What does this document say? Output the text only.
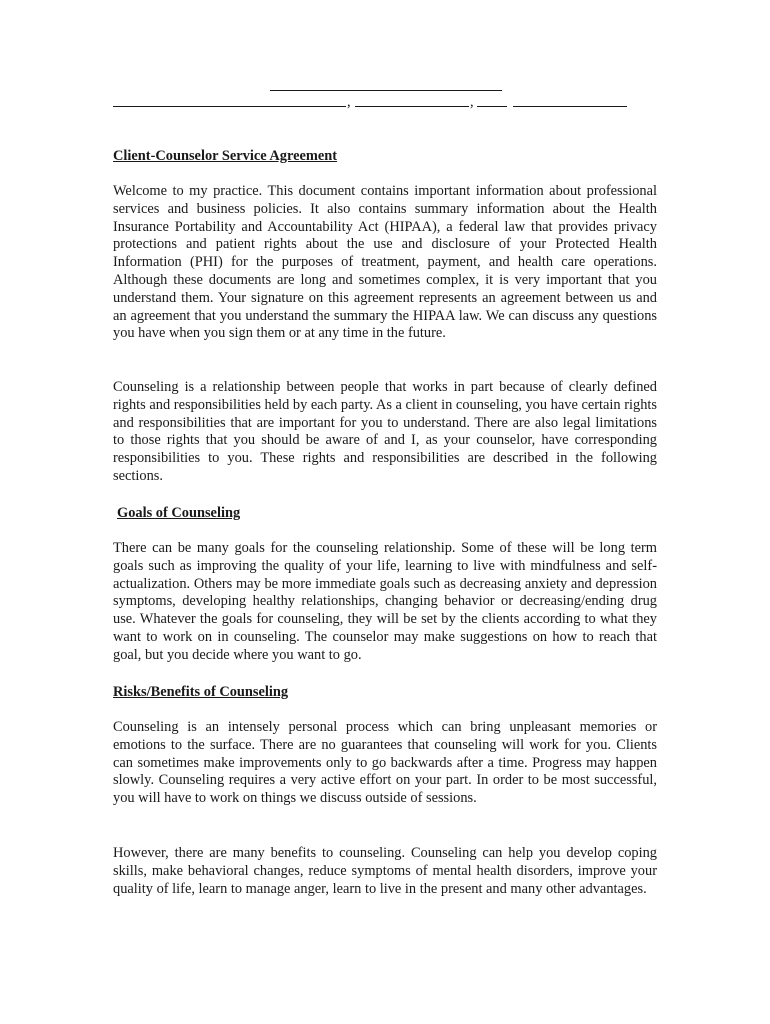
,	,
Client-Counselor Service Agreement

Welcome to my practice. This document contains important information about professional services and business policies. It also contains summary information about the Health Insurance Portability and Accountability Act (HIPAA), a federal law that provides privacy protections and patient rights about the use and disclosure of your Protected Health Information (PHI) for the purposes of treatment, payment, and health care operations. Although these documents are long and sometimes complex, it is very important that you understand them. Your signature on this agreement represents an agreement between us and an agreement that you understand the summary the HIPAA law. We can discuss any questions you have when you sign them or at any time in the future.

Counseling is a relationship between people that works in part because of clearly defined rights and responsibilities held by each party. As a client in counseling, you have certain rights and responsibilities that are important for you to understand. There are also legal limitations to those rights that you should be aware of and I, as your counselor, have corresponding responsibilities to you. These rights and responsibilities are described in the following sections.

Goals of Counseling

There can be many goals for the counseling relationship. Some of these will be long term goals such as improving the quality of your life, learning to live with mindfulness and self-actualization. Others may be more immediate goals such as decreasing anxiety and depression symptoms, developing healthy relationships, changing behavior or decreasing/ending drug use. Whatever the goals for counseling, they will be set by the clients according to what they want to work on in counseling. The counselor may make suggestions on how to reach that goal, but you decide where you want to go.

Risks/Benefits of Counseling

Counseling is an intensely personal process which can bring unpleasant memories or emotions to the surface. There are no guarantees that counseling will work for you. Clients can sometimes make improvements only to go backwards after a time. Progress may happen slowly. Counseling requires a very active effort on your part. In order to be most successful, you will have to work on things we discuss outside of sessions.

However, there are many benefits to counseling. Counseling can help you develop coping skills, make behavioral changes, reduce symptoms of mental health disorders, improve your quality of life, learn to manage anger, learn to live in the present and many other advantages.
